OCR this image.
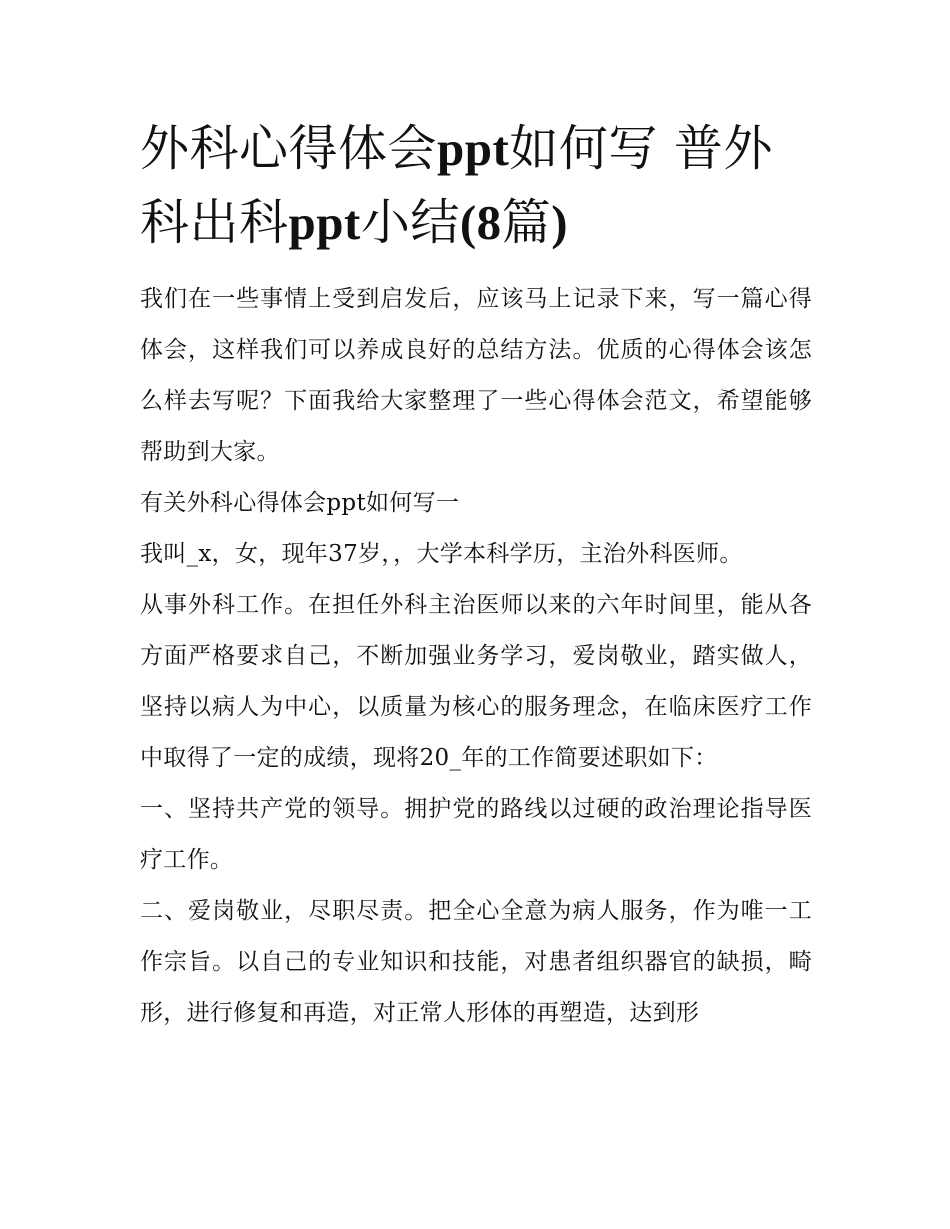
外科心得体会ppt如何写 普外科出科ppt小结(8篇)

我们在一些事情上受到启发后，应该马上记录下来，写一篇心得体会，这样我们可以养成良好的总结方法。优质的心得体会该怎么样去写呢？下面我给大家整理了一些心得体会范文，希望能够帮助到大家。

有关外科心得体会ppt如何写一

我叫_x，女，现年37岁，，大学本科学历，主治外科医师。

从事外科工作。在担任外科主治医师以来的六年时间里，能从各方面严格要求自己，不断加强业务学习，爱岗敬业，踏实做人，坚持以病人为中心，以质量为核心的服务理念，在临床医疗工作中取得了一定的成绩，现将20_年的工作简要述职如下：

一、坚持共产党的领导。拥护党的路线以过硬的政治理论指导医疗工作。

二、爱岗敬业，尽职尽责。把全心全意为病人服务，作为唯一工作宗旨。以自己的专业知识和技能，对患者组织器官的缺损，畸形，进行修复和再造，对正常人形体的再塑造，达到形
